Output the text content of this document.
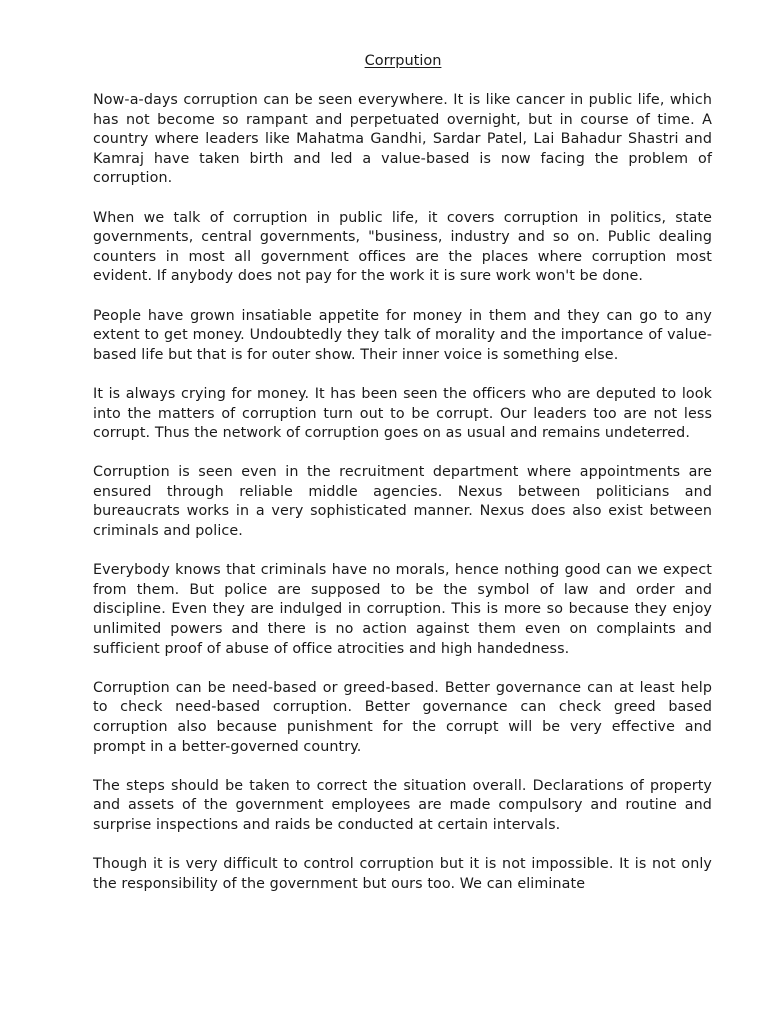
Corrpution

Now-a-days corruption can be seen everywhere. It is like cancer in public life, which has not become so rampant and perpetuated overnight, but in course of time. A country where leaders like Mahatma Gandhi, Sardar Patel, Lai Bahadur Shastri and Kamraj have taken birth and led a value-based is now facing the problem of corruption.

When we talk of corruption in public life, it covers corruption in politics, state governments, central governments, "business, industry and so on. Public dealing counters in most all government offices are the places where corruption most evident. If anybody does not pay for the work it is sure work won't be done.

People have grown insatiable appetite for money in them and they can go to any extent to get money. Undoubtedly they talk of morality and the importance of value-based life but that is for outer show. Their inner voice is something else.

It is always crying for money. It has been seen the officers who are deputed to look into the matters of corruption turn out to be corrupt. Our leaders too are not less corrupt. Thus the network of corruption goes on as usual and remains undeterred.

Corruption is seen even in the recruitment department where appointments are ensured through reliable middle agencies. Nexus between politicians and bureaucrats works in a very sophisticated manner. Nexus does also exist between criminals and police.

Everybody knows that criminals have no morals, hence nothing good can we expect from them. But police are supposed to be the symbol of law and order and discipline. Even they are indulged in corruption. This is more so because they enjoy unlimited powers and there is no action against them even on complaints and sufficient proof of abuse of office atrocities and high handedness.

Corruption can be need-based or greed-based. Better governance can at least help to check need-based corruption. Better governance can check greed based corruption also because punishment for the corrupt will be very effective and prompt in a better-governed country.

The steps should be taken to correct the situation overall. Declarations of property and assets of the government employees are made compulsory and routine and surprise inspections and raids be conducted at certain intervals.

Though it is very difficult to control corruption but it is not impossible. It is not only the responsibility of the government but ours too. We can eliminate
